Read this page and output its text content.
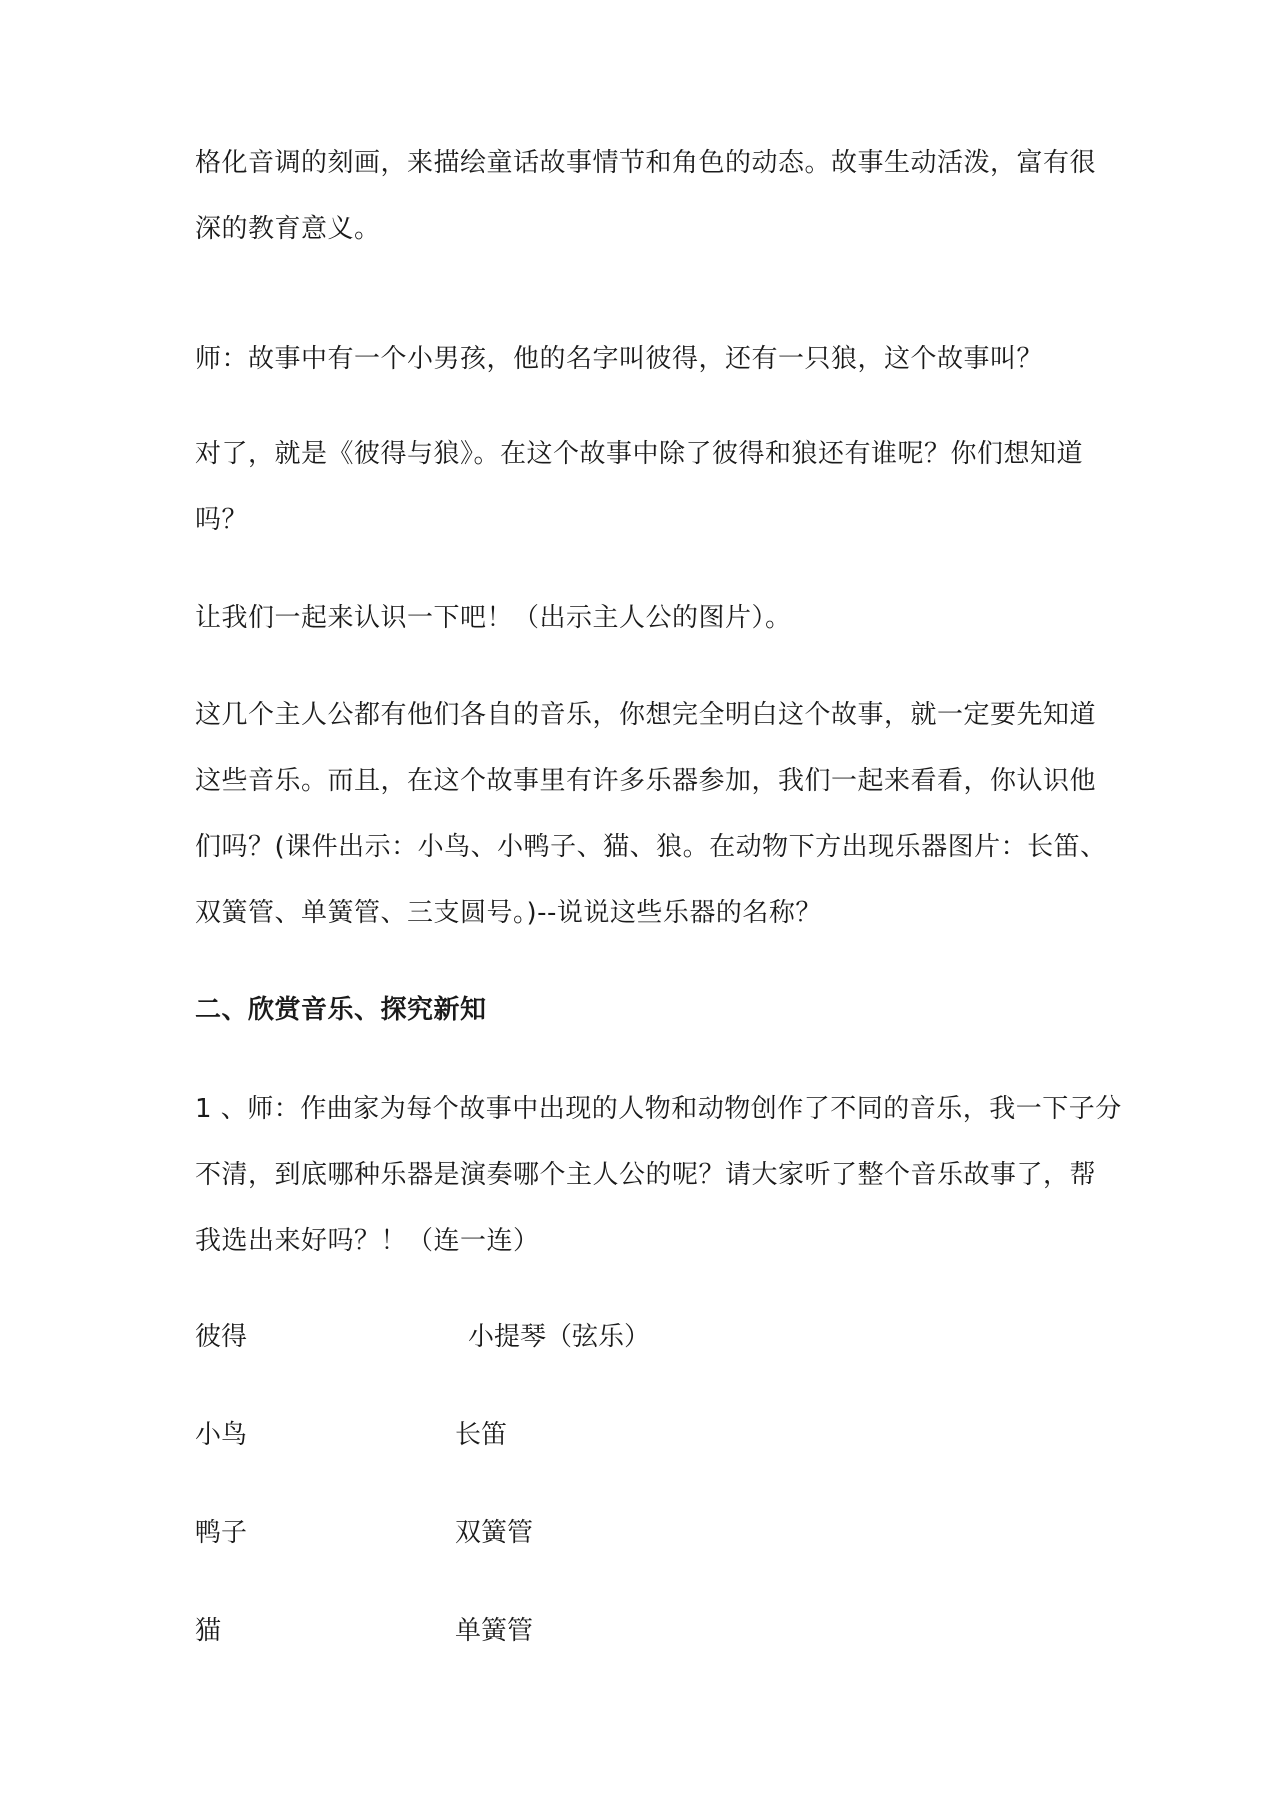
格化音调的刻画，来描绘童话故事情节和角色的动态。故事生动活泼，富有很

深的教育意义。

师：故事中有一个小男孩，他的名字叫彼得，还有一只狼，这个故事叫？

对了，就是《彼得与狼》。在这个故事中除了彼得和狼还有谁呢？你们想知道

吗？

让我们一起来认识一下吧！（出示主人公的图片）。

这几个主人公都有他们各自的音乐，你想完全明白这个故事，就一定要先知道

这些音乐。而且，在这个故事里有许多乐器参加，我们一起来看看，你认识他

们吗？(课件出示：小鸟、小鸭子、猫、狼。在动物下方出现乐器图片：长笛、

双簧管、单簧管、三支圆号。)--说说这些乐器的名称？

二、欣赏音乐、探究新知

1 、师：作曲家为每个故事中出现的人物和动物创作了不同的音乐，我一下子分

不清，到底哪种乐器是演奏哪个主人公的呢？请大家听了整个音乐故事了，帮

我选出来好吗？！（连一连）

彼得	小提琴（弦乐）
小鸟	长笛
鸭子	双簧管
猫	单簧管
